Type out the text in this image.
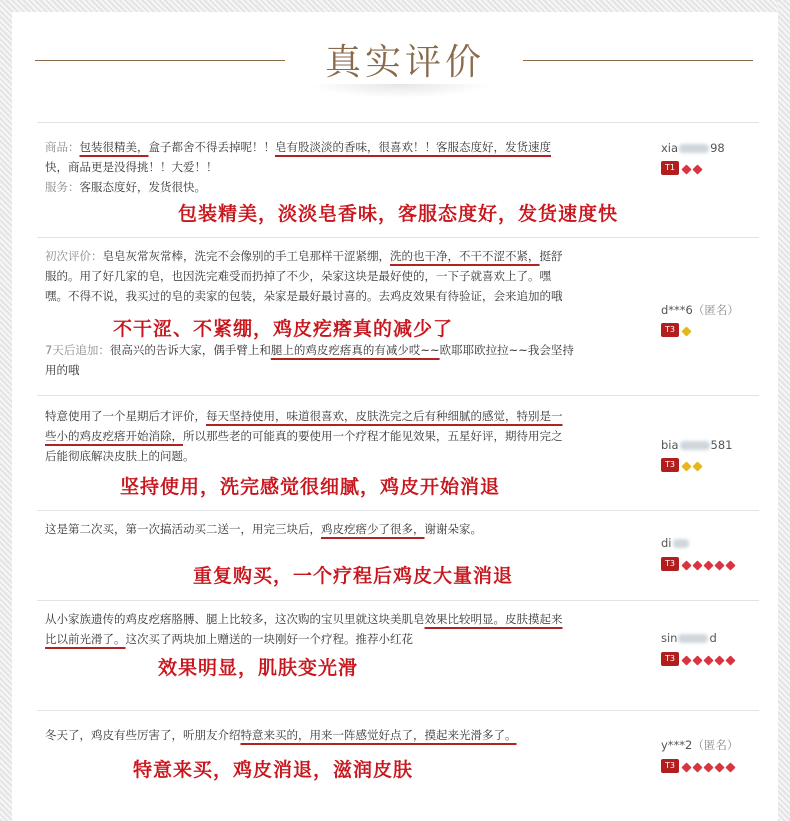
真实评价
商品：包装很精美，盒子都舍不得丢掉呢！！皂有股淡淡的香味，很喜欢！！客服态度好，发货速度
快，商品更是没得挑！！大爱！！
服务：客服态度好，发货很快。
包装精美，淡淡皂香味，客服态度好，发货速度快
xia	98
T1
初次评价：皂皂灰常灰常棒，洗完不会像别的手工皂那样干涩紧绷，洗的也干净，不干不涩不紧，挺舒
服的。用了好几家的皂，也因洗完难受而扔掉了不少，朵家这块是最好使的，一下子就喜欢上了。嘿
嘿。不得不说，我买过的皂的卖家的包装，朵家是最好最讨喜的。去鸡皮效果有待验证，会来追加的哦
7天后追加：很高兴的告诉大家，偶手臂上和腿上的鸡皮疙瘩真的有减少哎~~欧耶耶欧拉拉~~我会坚持
用的哦
不干涩、不紧绷，鸡皮疙瘩真的减少了
d***6（匿名）
T3
特意使用了一个星期后才评价，每天坚持使用，味道很喜欢，皮肤洗完之后有种细腻的感觉，特别是一
些小的鸡皮疙瘩开始消除，所以那些老的可能真的要使用一个疗程才能见效果，五星好评，期待用完之
后能彻底解决皮肤上的问题。
坚持使用，洗完感觉很细腻，鸡皮开始消退
bia	581
T3
这是第二次买，第一次搞活动买二送一，用完三块后，鸡皮疙瘩少了很多，谢谢朵家。
重复购买，一个疗程后鸡皮大量消退
di
T3
从小家族遗传的鸡皮疙瘩胳膊、腿上比较多，这次购的宝贝里就这块美肌皂效果比较明显。皮肤摸起来
比以前光滑了。这次买了两块加上赠送的一块刚好一个疗程。推荐小红花
效果明显，肌肤变光滑
sin	d
T3
冬天了，鸡皮有些厉害了，听朋友介绍特意来买的，用来一阵感觉好点了，摸起来光滑多了。
特意来买，鸡皮消退，滋润皮肤
y***2（匿名）
T3
